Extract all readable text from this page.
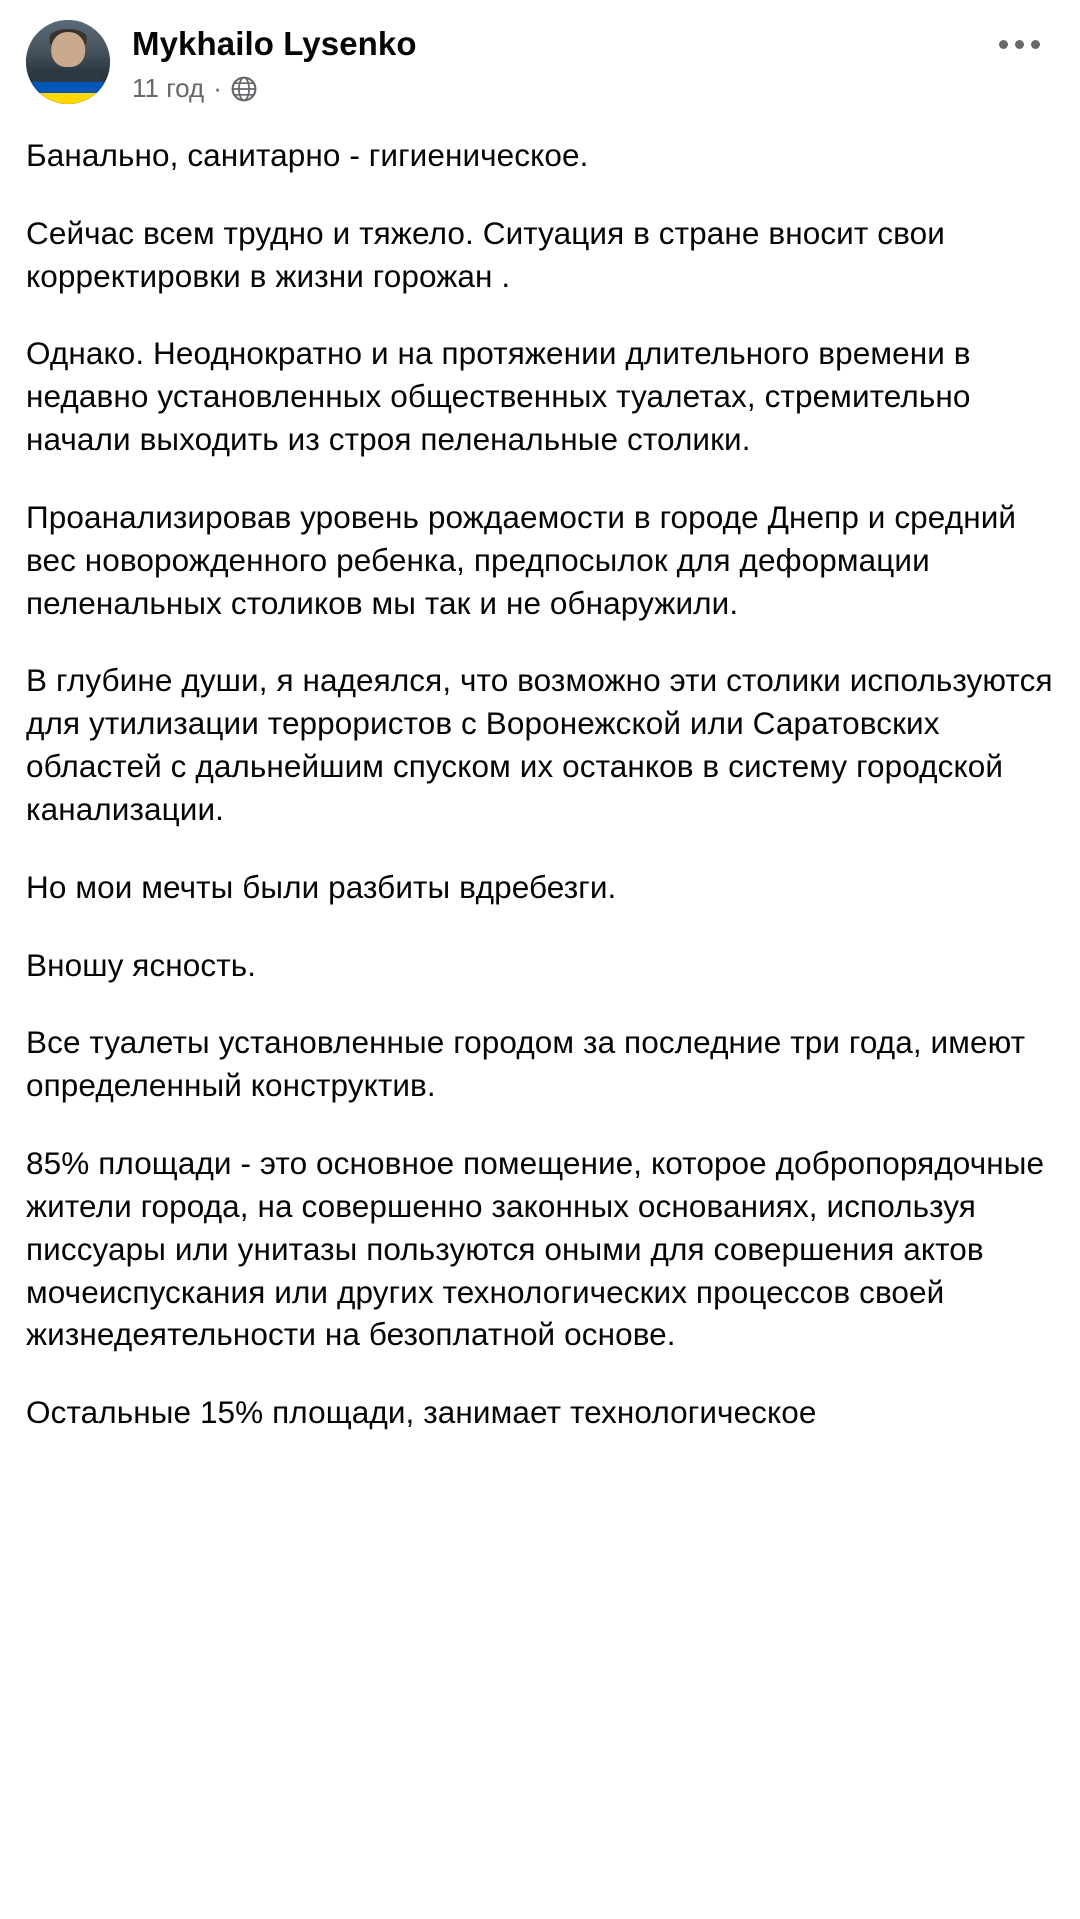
Mykhailo Lysenko
11 год ·

Банально, санитарно - гигиеническое.

Сейчас всем трудно и тяжело. Ситуация в стране вносит свои корректировки в жизни горожан .

Однако. Неоднократно и на протяжении длительного времени в недавно установленных общественных туалетах, стремительно начали выходить из строя пеленальные столики.

Проанализировав уровень рождаемости в городе Днепр и средний вес новорожденного ребенка, предпосылок для деформации пеленальных столиков мы так и не обнаружили.

В глубине души, я надеялся, что возможно эти столики используются для утилизации террористов с Воронежской или Саратовских областей с дальнейшим спуском их останков в систему городской канализации.

Но мои мечты были разбиты вдребезги.

Вношу ясность.

Все туалеты установленные городом за последние три года, имеют определенный конструктив.

85% площади - это основное помещение, которое добропорядочные жители города, на совершенно законных основаниях, используя писсуары или унитазы пользуются оными для совершения актов мочеиспускания или других технологических процессов своей жизнедеятельности на безоплатной основе.

Остальные 15% площади, занимает технологическое
